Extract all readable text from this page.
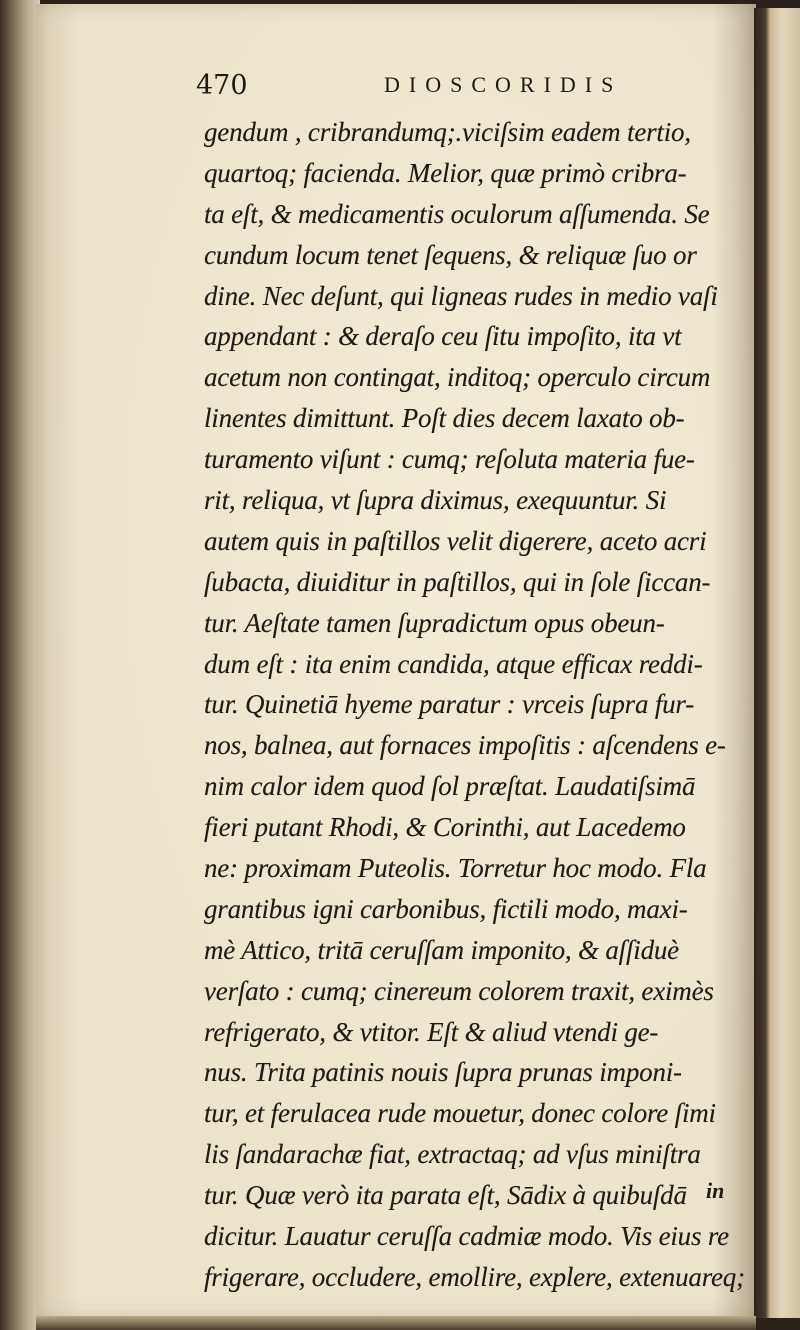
470	DIOSCORIDIS
gendum , cribrandumq;.viciſsim eadem tertio,
quartoq; facienda. Melior, quæ primò cribra-
ta eſt, & medicamentis oculorum aſſumenda. Se
cundum locum tenet ſequens, & reliquæ ſuo or
dine. Nec deſunt, qui ligneas rudes in medio vaſi
appendant : & deraſo ceu ſitu impoſito, ita vt
acetum non contingat, inditoq; operculo circum
linentes dimittunt. Poſt dies decem laxato ob-
turamento viſunt : cumq; reſoluta materia fue-
rit, reliqua, vt ſupra diximus, exequuntur. Si
autem quis in paſtillos velit digerere, aceto acri
ſubacta, diuiditur in paſtillos, qui in ſole ſiccan-
tur. Aeſtate tamen ſupradictum opus obeun-
dum eſt : ita enim candida, atque efficax reddi-
tur. Quinetiā hyeme paratur : vrceis ſupra fur-
nos, balnea, aut fornaces impoſitis : aſcendens e-
nim calor idem quod ſol præſtat. Laudatiſsimā
fieri putant Rhodi, & Corinthi, aut Lacedemo
ne: proximam Puteolis. Torretur hoc modo. Fla
grantibus igni carbonibus, fictili modo, maxi-
mè Attico, tritā ceruſſam imponito, & aſſiduè
verſato : cumq; cinereum colorem traxit, eximès
refrigerato, & vtitor. Eſt & aliud vtendi ge-
nus. Trita patinis nouis ſupra prunas imponi-
tur, et ferulacea rude mouetur, donec colore ſimi
lis ſandarachæ fiat, extractaq; ad vſus miniſtra
tur. Quæ verò ita parata eſt, Sādix à quibuſdā
dicitur. Lauatur ceruſſa cadmiæ modo. Vis eius re
frigerare, occludere, emollire, explere, extenuareq;
in
